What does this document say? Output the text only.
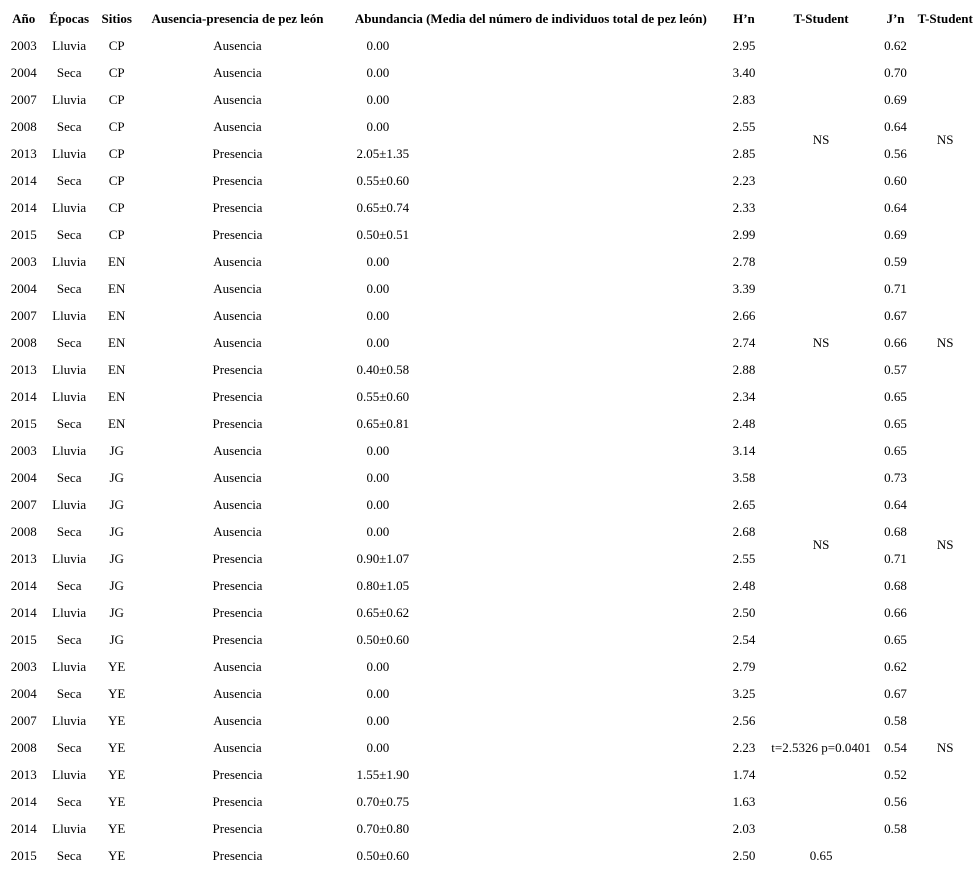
Año	Épocas	Sitios	Ausencia-presencia de pez león	Abundancia (Media del número de individuos total de pez león)	H’n	T-Student	J’n	T-Student
2003	Lluvia	CP	Ausencia	0.00	2.95		0.62	
2004	Seca	CP	Ausencia	0.00	3.40		0.70	
2007	Lluvia	CP	Ausencia	0.00	2.83		0.69	
2008	Seca	CP	Ausencia	0.00	2.55	NS	0.64	NS
2013	Lluvia	CP	Presencia	2.05±1.35	2.85		0.56	
2014	Seca	CP	Presencia	0.55±0.60	2.23		0.60	
2014	Lluvia	CP	Presencia	0.65±0.74	2.33		0.64	
2015	Seca	CP	Presencia	0.50±0.51	2.99		0.69	
2003	Lluvia	EN	Ausencia	0.00	2.78		0.59	
2004	Seca	EN	Ausencia	0.00	3.39		0.71	
2007	Lluvia	EN	Ausencia	0.00	2.66		0.67	
2008	Seca	EN	Ausencia	0.00	2.74	NS	0.66	NS
2013	Lluvia	EN	Presencia	0.40±0.58	2.88		0.57	
2014	Lluvia	EN	Presencia	0.55±0.60	2.34		0.65	
2015	Seca	EN	Presencia	0.65±0.81	2.48		0.65	
2003	Lluvia	JG	Ausencia	0.00	3.14		0.65	
2004	Seca	JG	Ausencia	0.00	3.58		0.73	
2007	Lluvia	JG	Ausencia	0.00	2.65		0.64	
2008	Seca	JG	Ausencia	0.00	2.68	NS	0.68	NS
2013	Lluvia	JG	Presencia	0.90±1.07	2.55		0.71	
2014	Seca	JG	Presencia	0.80±1.05	2.48		0.68	
2014	Lluvia	JG	Presencia	0.65±0.62	2.50		0.66	
2015	Seca	JG	Presencia	0.50±0.60	2.54		0.65	
2003	Lluvia	YE	Ausencia	0.00	2.79		0.62	
2004	Seca	YE	Ausencia	0.00	3.25		0.67	
2007	Lluvia	YE	Ausencia	0.00	2.56		0.58	
2008	Seca	YE	Ausencia	0.00	2.23	t=2.5326 p=0.0401	0.54	NS
2013	Lluvia	YE	Presencia	1.55±1.90	1.74		0.52	
2014	Seca	YE	Presencia	0.70±0.75	1.63		0.56	
2014	Lluvia	YE	Presencia	0.70±0.80	2.03		0.58	
2015	Seca	YE	Presencia	0.50±0.60	2.50	0.65		
